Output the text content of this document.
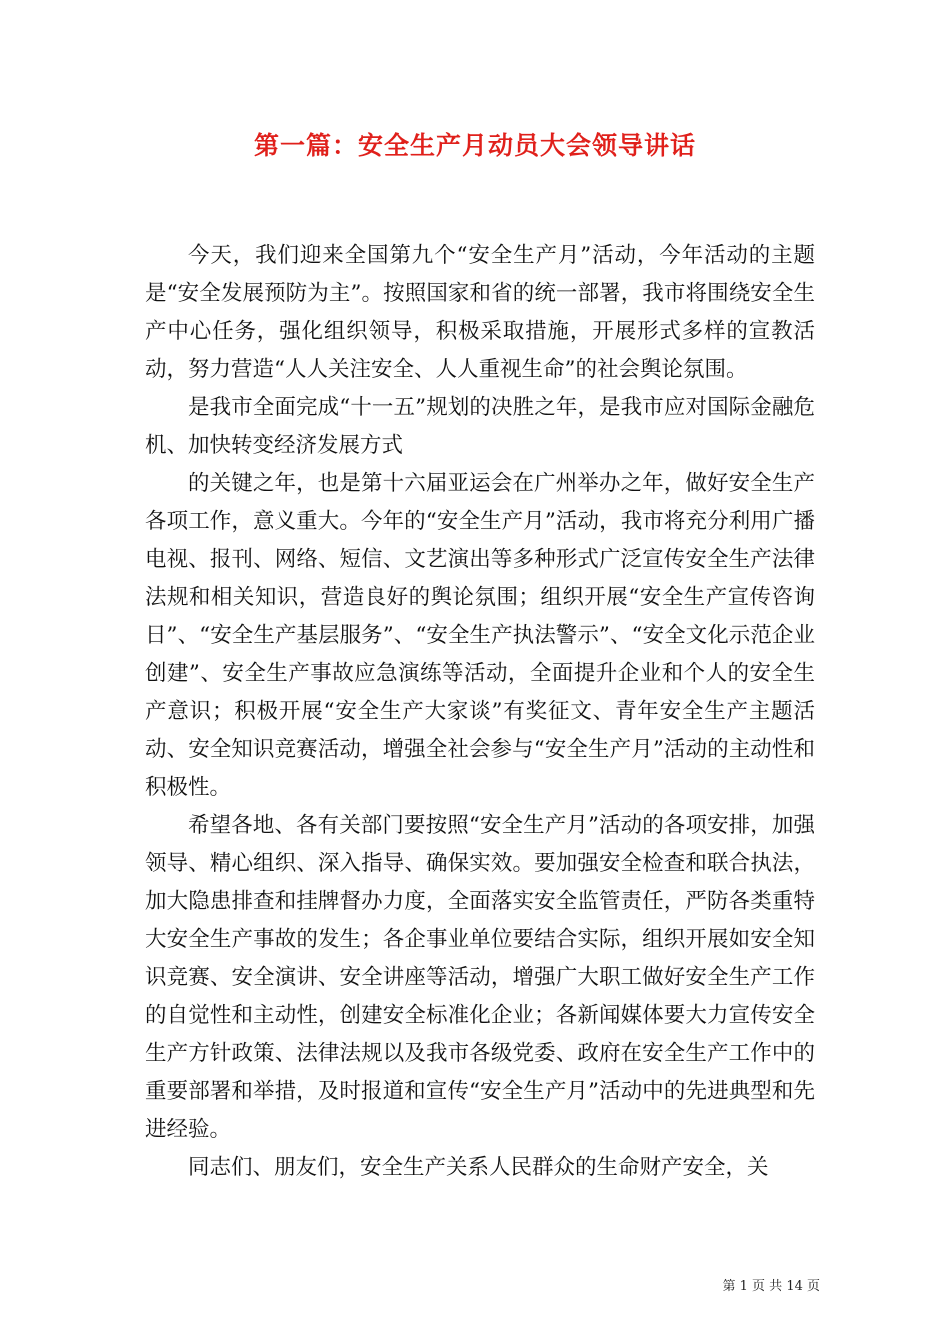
第一篇：安全生产月动员大会领导讲话

今天，我们迎来全国第九个“安全生产月”活动，今年活动的主题是“安全发展预防为主”。按照国家和省的统一部署，我市将围绕安全生产中心任务，强化组织领导，积极采取措施，开展形式多样的宣教活动，努力营造“人人关注安全、人人重视生命”的社会舆论氛围。

是我市全面完成“十一五”规划的决胜之年，是我市应对国际金融危机、加快转变经济发展方式

的关键之年，也是第十六届亚运会在广州举办之年，做好安全生产各项工作，意义重大。今年的“安全生产月”活动，我市将充分利用广播电视、报刊、网络、短信、文艺演出等多种形式广泛宣传安全生产法律法规和相关知识，营造良好的舆论氛围；组织开展“安全生产宣传咨询日”、“安全生产基层服务”、“安全生产执法警示”、“安全文化示范企业创建”、安全生产事故应急演练等活动，全面提升企业和个人的安全生产意识；积极开展“安全生产大家谈”有奖征文、青年安全生产主题活动、安全知识竞赛活动，增强全社会参与“安全生产月”活动的主动性和积极性。

希望各地、各有关部门要按照“安全生产月”活动的各项安排，加强领导、精心组织、深入指导、确保实效。要加强安全检查和联合执法，加大隐患排查和挂牌督办力度，全面落实安全监管责任，严防各类重特大安全生产事故的发生；各企事业单位要结合实际，组织开展如安全知识竞赛、安全演讲、安全讲座等活动，增强广大职工做好安全生产工作的自觉性和主动性，创建安全标准化企业；各新闻媒体要大力宣传安全生产方针政策、法律法规以及我市各级党委、政府在安全生产工作中的重要部署和举措，及时报道和宣传“安全生产月”活动中的先进典型和先进经验。

同志们、朋友们，安全生产关系人民群众的生命财产安全，关

第 1 页 共 14 页
